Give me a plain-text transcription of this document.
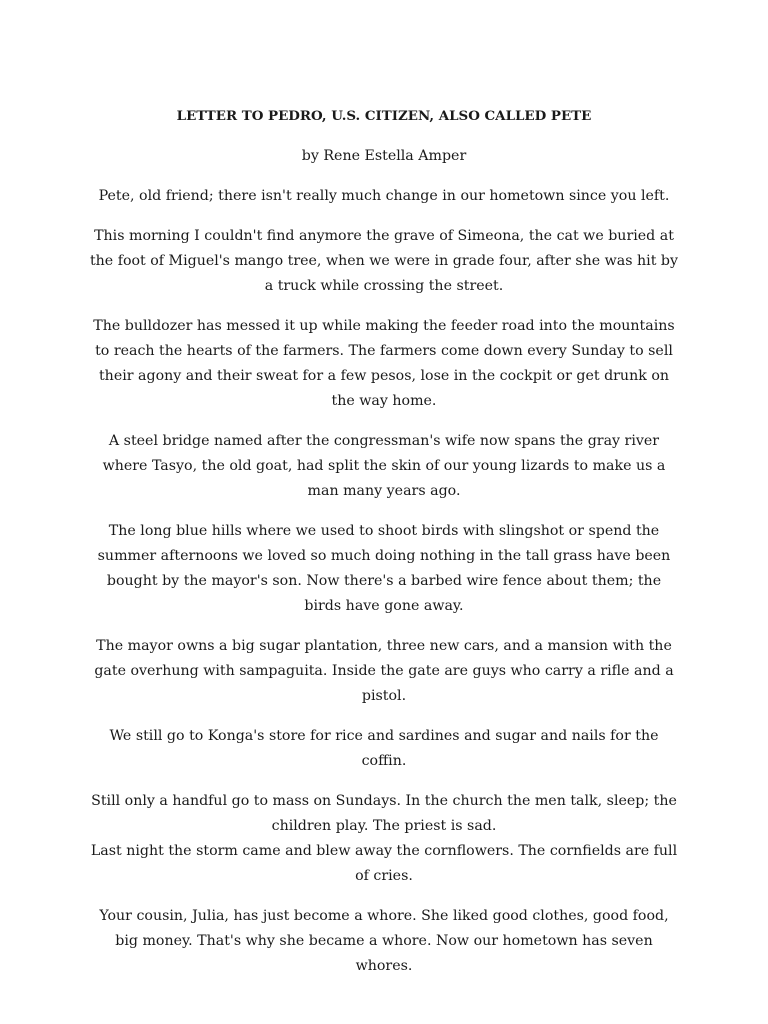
LETTER TO PEDRO, U.S. CITIZEN, ALSO CALLED PETE
by Rene Estella Amper
Pete, old friend; there isn't really much change in our hometown since you left.
This morning I couldn't find anymore the grave of Simeona, the cat we buried at the foot of Miguel's mango tree, when we were in grade four, after she was hit by a truck while crossing the street.
The bulldozer has messed it up while making the feeder road into the mountains to reach the hearts of the farmers. The farmers come down every Sunday to sell their agony and their sweat for a few pesos, lose in the cockpit or get drunk on the way home.
A steel bridge named after the congressman's wife now spans the gray river where Tasyo, the old goat, had split the skin of our young lizards to make us a man many years ago.
The long blue hills where we used to shoot birds with slingshot or spend the summer afternoons we loved so much doing nothing in the tall grass have been bought by the mayor's son. Now there's a barbed wire fence about them; the birds have gone away.
The mayor owns a big sugar plantation, three new cars, and a mansion with the gate overhung with sampaguita. Inside the gate are guys who carry a rifle and a pistol.
We still go to Konga's store for rice and sardines and sugar and nails for the coffin.
Still only a handful go to mass on Sundays. In the church the men talk, sleep; the children play. The priest is sad.
Last night the storm came and blew away the cornflowers. The cornfields are full of cries.
Your cousin, Julia, has just become a whore. She liked good clothes, good food, big money. That's why she became a whore. Now our hometown has seven whores.
